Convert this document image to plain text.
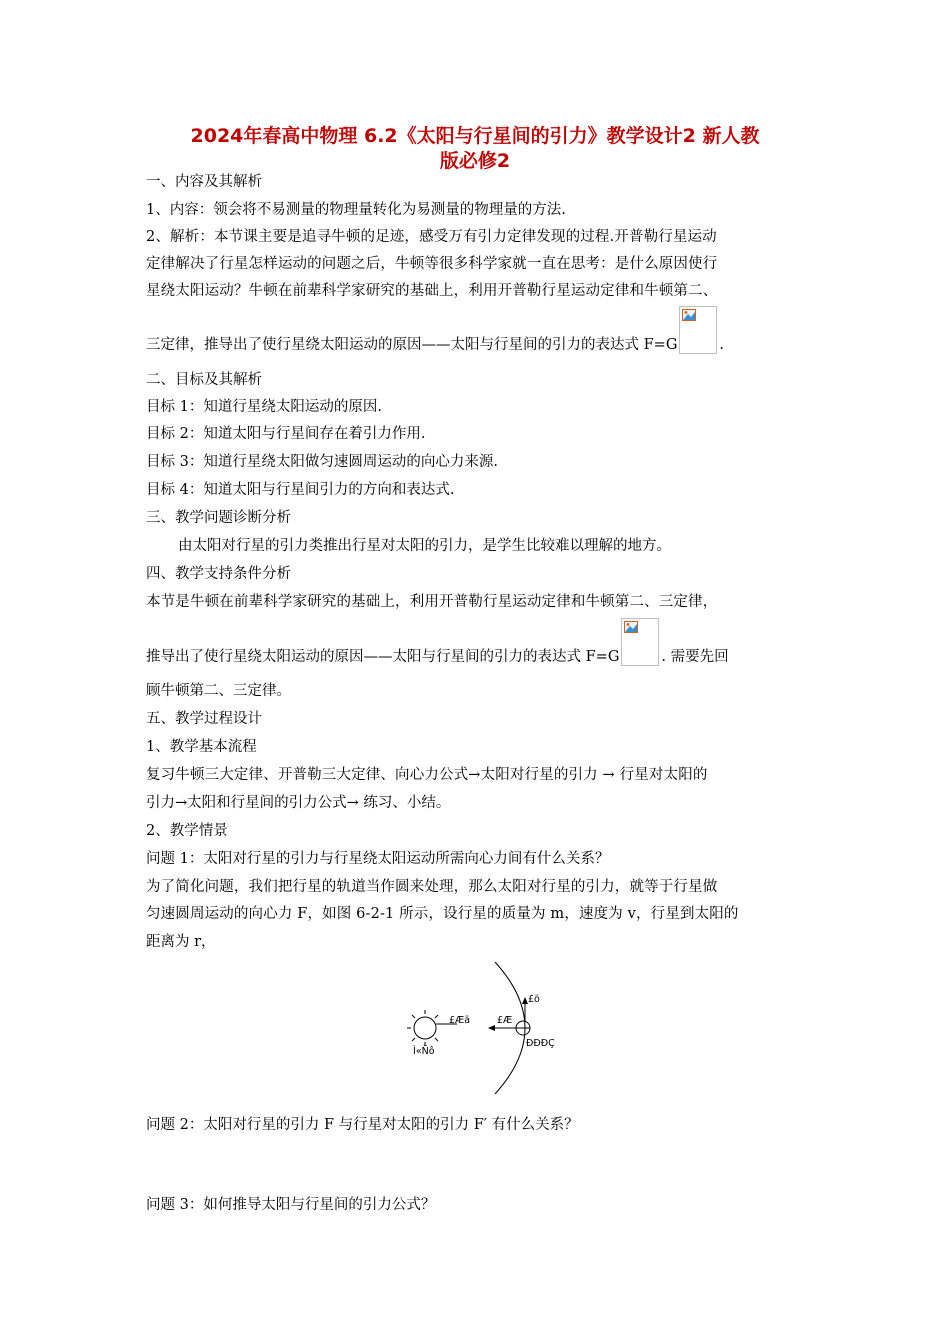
2024年春高中物理 6.2《太阳与行星间的引力》教学设计2 新人教
版必修2
一、内容及其解析
1、内容：领会将不易测量的物理量转化为易测量的物理量的方法.
2、解析：本节课主要是追寻牛顿的足迹，感受万有引力定律发现的过程.开普勒行星运动
定律解决了行星怎样运动的问题之后，牛顿等很多科学家就一直在思考：是什么原因使行
星绕太阳运动？牛顿在前辈科学家研究的基础上，利用开普勒行星运动定律和牛顿第二、
三定律，推导出了使行星绕太阳运动的原因——太阳与行星间的引力的表达式 F=G	.
二、目标及其解析
目标 1：知道行星绕太阳运动的原因.
目标 2：知道太阳与行星间存在着引力作用.
目标 3：知道行星绕太阳做匀速圆周运动的向心力来源.
目标 4：知道太阳与行星间引力的方向和表达式.
三、教学问题诊断分析
由太阳对行星的引力类推出行星对太阳的引力，是学生比较难以理解的地方。
四、教学支持条件分析
本节是牛顿在前辈科学家研究的基础上，利用开普勒行星运动定律和牛顿第二、三定律，
推导出了使行星绕太阳运动的原因——太阳与行星间的引力的表达式 F=G	. 需要先回
顾牛顿第二、三定律。
五、教学过程设计
1、教学基本流程
复习牛顿三大定律、开普勒三大定律、向心力公式→太阳对行星的引力 → 行星对太阳的
引力→太阳和行星间的引力公式→ 练习、小结。
2、教学情景
问题 1：太阳对行星的引力与行星绕太阳运动所需向心力间有什么关系？
为了简化问题，我们把行星的轨道当作圆来处理，那么太阳对行星的引力，就等于行星做
匀速圆周运动的向心力 F，如图 6-2-1 所示，设行星的质量为 m，速度为 v，行星到太阳的
距离为 r，
Ì«Ñô
ÐÐÐÇ
£Æä	£Æ
£ö
问题 2：太阳对行星的引力 F 与行星对太阳的引力 F′ 有什么关系？
问题 3：如何推导太阳与行星间的引力公式？
